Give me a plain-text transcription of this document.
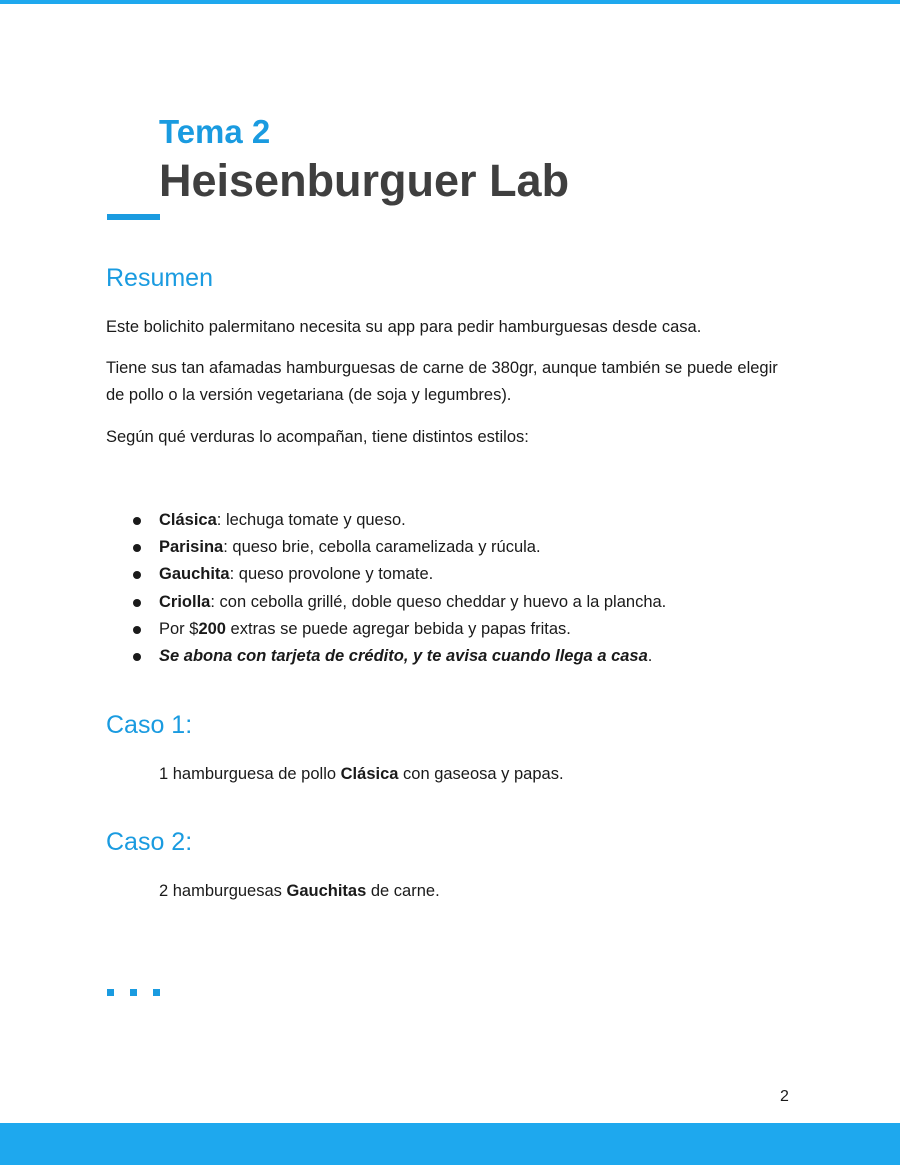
Tema 2
Heisenburguer Lab
Resumen

Este bolichito palermitano necesita su app para pedir hamburguesas desde casa.

Tiene sus tan afamadas hamburguesas de carne de 380gr, aunque también se puede elegir de pollo o la versión vegetariana (de soja y legumbres).

Según qué verduras lo acompañan, tiene distintos estilos:

Clásica: lechuga tomate y queso.
Parisina: queso brie, cebolla caramelizada y rúcula.
Gauchita: queso provolone y tomate.
Criolla: con cebolla grillé, doble queso cheddar y huevo a la plancha.
Por $200 extras se puede agregar bebida y papas fritas.
Se abona con tarjeta de crédito, y te avisa cuando llega a casa.
Caso 1:

1 hamburguesa de pollo Clásica con gaseosa y papas.

Caso 2:

2 hamburguesas Gauchitas de carne.

2
